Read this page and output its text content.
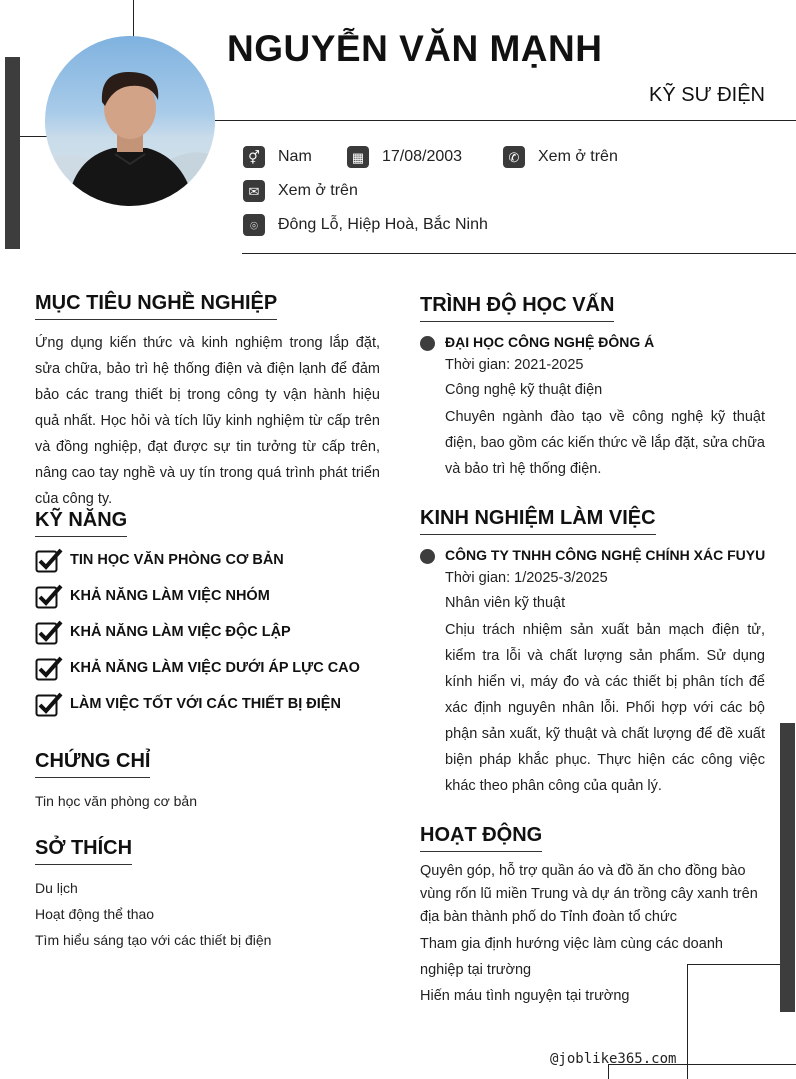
NGUYỄN VĂN MẠNH
KỸ SƯ ĐIỆN
⚥	Nam	▦	17/08/2003	✆	Xem ở trên
✉	Xem ở trên
⌾	Đông Lỗ, Hiệp Hoà, Bắc Ninh
MỤC TIÊU NGHỀ NGHIỆP
Ứng dụng kiến thức và kinh nghiệm trong lắp đặt, sửa chữa, bảo trì hệ thống điện và điện lạnh để đảm bảo các trang thiết bị trong công ty vận hành hiệu quả nhất. Học hỏi và tích lũy kinh nghiệm từ cấp trên và đồng nghiệp, đạt được sự tin tưởng từ cấp trên, nâng cao tay nghề và uy tín trong quá trình phát triển của công ty.
KỸ NĂNG
TIN HỌC VĂN PHÒNG CƠ BẢN
KHẢ NĂNG LÀM VIỆC NHÓM
KHẢ NĂNG LÀM VIỆC ĐỘC LẬP
KHẢ NĂNG LÀM VIỆC DƯỚI ÁP LỰC CAO
LÀM VIỆC TỐT VỚI CÁC THIẾT BỊ ĐIỆN
CHỨNG CHỈ
Tin học văn phòng cơ bản
SỞ THÍCH
Du lịch
Hoạt động thể thao
Tìm hiểu sáng tạo với các thiết bị điện
TRÌNH ĐỘ HỌC VẤN
ĐẠI HỌC CÔNG NGHỆ ĐÔNG Á
Thời gian: 2021-2025
Công nghệ kỹ thuật điện
Chuyên ngành đào tạo về công nghệ kỹ thuật điện, bao gồm các kiến thức về lắp đặt, sửa chữa và bảo trì hệ thống điện.
KINH NGHIỆM LÀM VIỆC
CÔNG TY TNHH CÔNG NGHỆ CHÍNH XÁC FUYU
Thời gian: 1/2025-3/2025
Nhân viên kỹ thuật
Chịu trách nhiệm sản xuất bản mạch điện tử, kiểm tra lỗi và chất lượng sản phẩm. Sử dụng kính hiển vi, máy đo và các thiết bị phân tích để xác định nguyên nhân lỗi. Phối hợp với các bộ phận sản xuất, kỹ thuật và chất lượng để đề xuất biện pháp khắc phục. Thực hiện các công việc khác theo phân công của quản lý.
HOẠT ĐỘNG
Quyên góp, hỗ trợ quần áo và đồ ăn cho đồng bào vùng rốn lũ miền Trung và dự án trồng cây xanh trên địa bàn thành phố do Tỉnh đoàn tổ chức
Tham gia định hướng việc làm cùng các doanh nghiệp tại trường
Hiến máu tình nguyện tại trường
@joblike365.com
